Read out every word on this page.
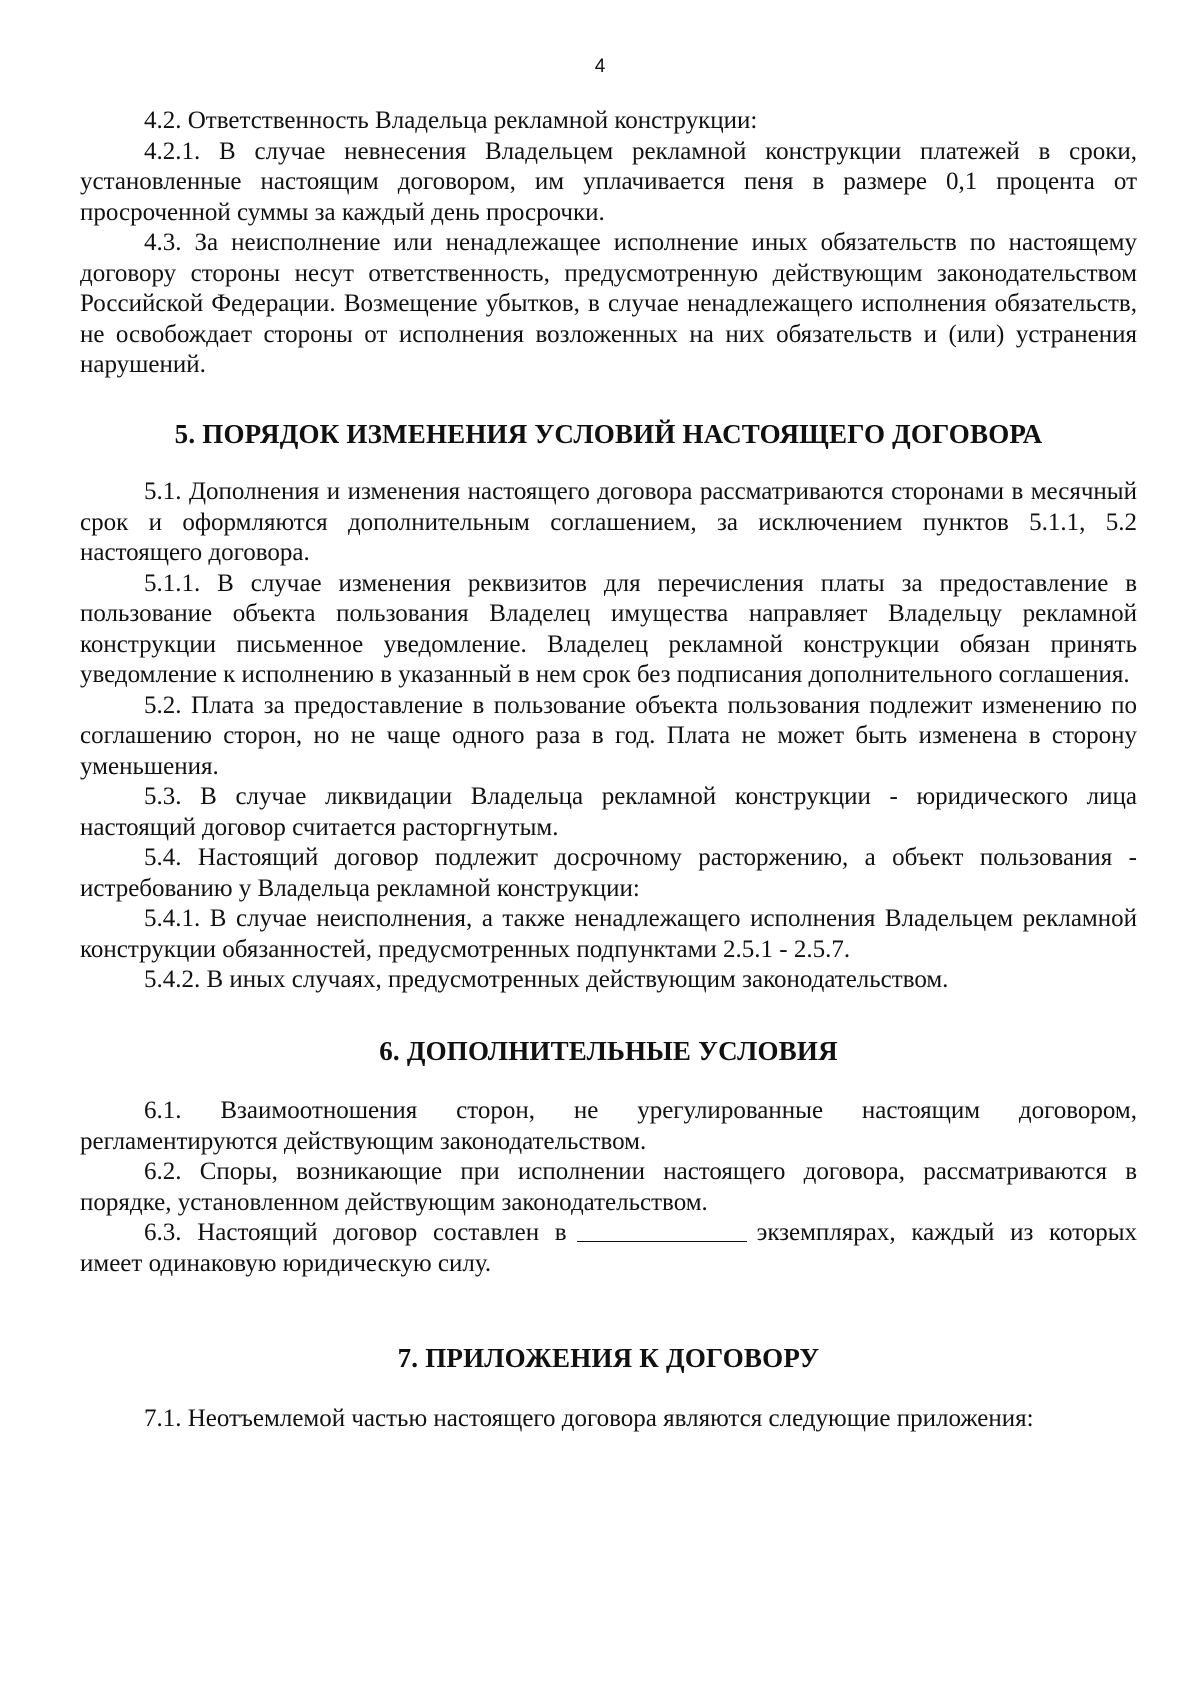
4

4.2. Ответственность Владельца рекламной конструкции:

4.2.1. В случае невнесения Владельцем рекламной конструкции платежей в сроки, установленные настоящим договором, им уплачивается пеня в размере 0,1 процента от просроченной суммы за каждый день просрочки.

4.3. За неисполнение или ненадлежащее исполнение иных обязательств по настоящему договору стороны несут ответственность, предусмотренную действующим законодательством Российской Федерации. Возмещение убытков, в случае ненадлежащего исполнения обязательств, не освобождает стороны от исполнения возложенных на них обязательств и (или) устранения нарушений.

5. ПОРЯДОК ИЗМЕНЕНИЯ УСЛОВИЙ НАСТОЯЩЕГО ДОГОВОРА

5.1. Дополнения и изменения настоящего договора рассматриваются сторонами в месячный срок и оформляются дополнительным соглашением, за исключением пунктов 5.1.1, 5.2 настоящего договора.

5.1.1. В случае изменения реквизитов для перечисления платы за предоставление в пользование объекта пользования Владелец имущества направляет Владельцу рекламной конструкции письменное уведомление. Владелец рекламной конструкции обязан принять уведомление к исполнению в указанный в нем срок без подписания дополнительного соглашения.

5.2. Плата за предоставление в пользование объекта пользования подлежит изменению по соглашению сторон, но не чаще одного раза в год. Плата не может быть изменена в сторону уменьшения.

5.3. В случае ликвидации Владельца рекламной конструкции - юридического лица настоящий договор считается расторгнутым.

5.4. Настоящий договор подлежит досрочному расторжению, а объект пользования - истребованию у Владельца рекламной конструкции:

5.4.1. В случае неисполнения, а также ненадлежащего исполнения Владельцем рекламной конструкции обязанностей, предусмотренных подпунктами 2.5.1 - 2.5.7.

5.4.2. В иных случаях, предусмотренных действующим законодательством.

6. ДОПОЛНИТЕЛЬНЫЕ УСЛОВИЯ

6.1. Взаимоотношения сторон, не урегулированные настоящим договором, регламентируются действующим законодательством.

6.2. Споры, возникающие при исполнении настоящего договора, рассматриваются в порядке, установленном действующим законодательством.

6.3. Настоящий договор составлен в	экземплярах, каждый из которых имеет одинаковую юридическую силу.

7. ПРИЛОЖЕНИЯ К ДОГОВОРУ

7.1. Неотъемлемой частью настоящего договора являются следующие приложения:
